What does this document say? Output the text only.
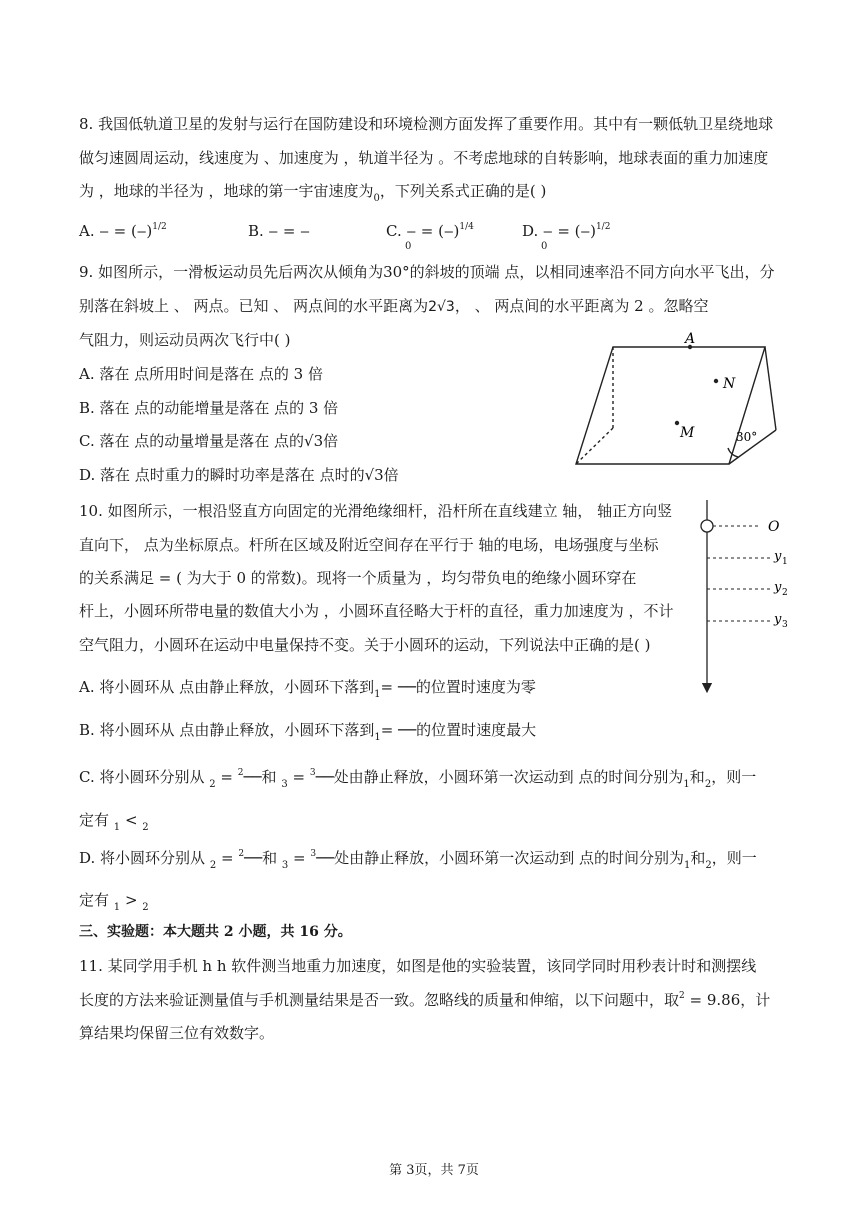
8. 我国低轨道卫星的发射与运行在国防建设和环境检测方面发挥了重要作用。其中有一颗低轨卫星绕地球
做匀速圆周运动，线速度为 、加速度为 ，轨道半径为 。不考虑地球的自转影响，地球表面的重力加速度
为 ，地球的半径为 ，地球的第一宇宙速度为$_0$，下列关系式正确的是( )
A. ‒ = (‒)$^{1/2}$	B. ‒ = ‒	C. ‒ = (‒)$^{1/4}$	D. ‒ = (‒)$^{1/2}$
0	0
9. 如图所示，一滑板运动员先后两次从倾角为30°的斜坡的顶端 点，以相同速率沿不同方向水平飞出，分
别落在斜坡上 、 两点。已知 、 两点间的水平距离为2√3， 、 两点间的水平距离为 2 。忽略空
气阻力，则运动员两次飞行中( )
A. 落在 点所用时间是落在 点的 3 倍
B. 落在 点的动能增量是落在 点的 3 倍
C. 落在 点的动量增量是落在 点的√3倍
D. 落在 点时重力的瞬时功率是落在 点时的√3倍
A
N
M	30°
10. 如图所示，一根沿竖直方向固定的光滑绝缘细杆，沿杆所在直线建立 轴， 轴正方向竖
直向下， 点为坐标原点。杆所在区域及附近空间存在平行于 轴的电场，电场强度与坐标
的关系满足 = ( 为大于 0 的常数)。现将一个质量为 ，均匀带负电的绝缘小圆环穿在
杆上，小圆环所带电量的数值大小为 ，小圆环直径略大于杆的直径，重力加速度为 ，不计
空气阻力，小圆环在运动中电量保持不变。关于小圆环的运动，下列说法中正确的是( )
A. 将小圆环从 点由静止释放，小圆环下落到$_1$= ──的位置时速度为零
B. 将小圆环从 点由静止释放，小圆环下落到$_1$= ──的位置时速度最大
C. 将小圆环分别从 $_2$ = $^2$──和 $_3$ = $^3$──处由静止释放，小圆环第一次运动到 点的时间分别为$_1$和$_2$，则一
定有 $_1$ < $_2$
D. 将小圆环分别从 $_2$ = $^2$──和 $_3$ = $^3$──处由静止释放，小圆环第一次运动到 点的时间分别为$_1$和$_2$，则一
定有 $_1$ > $_2$
O
y 1
y 2
y 3
三、实验题：本大题共 2 小题，共 16 分。
11. 某同学用手机 h h 软件测当地重力加速度，如图是他的实验装置，该同学同时用秒表计时和测摆线
长度的方法来验证测量值与手机测量结果是否一致。忽略线的质量和伸缩，以下问题中，取$^2$ = 9.86，计
算结果均保留三位有效数字。
第 3页，共 7页
